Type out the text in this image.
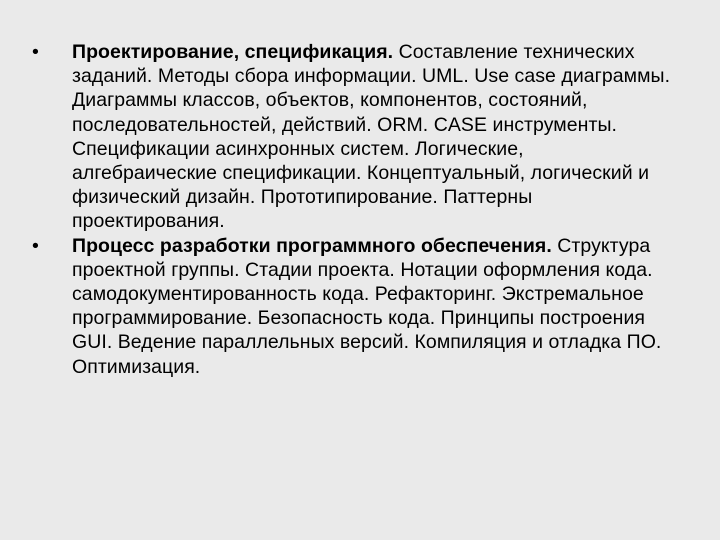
•	Проектирование, спецификация. Составление технических заданий. Методы сбора информации. UML. Use case диаграммы. Диаграммы классов, объектов, компонентов, состояний, последовательностей, действий. ORM. CASE инструменты. Спецификации асинхронных систем. Логические, алгебраические спецификации. Концептуальный, логический и физический дизайн. Прототипирование. Паттерны проектирования.
•	Процесс разработки программного обеспечения. Структура проектной группы. Стадии проекта. Нотации оформления кода. самодокументированность кода. Рефакторинг. Экстремальное программирование. Безопасность кода. Принципы построения GUI. Ведение параллельных версий. Компиляция и отладка ПО. Оптимизация.
